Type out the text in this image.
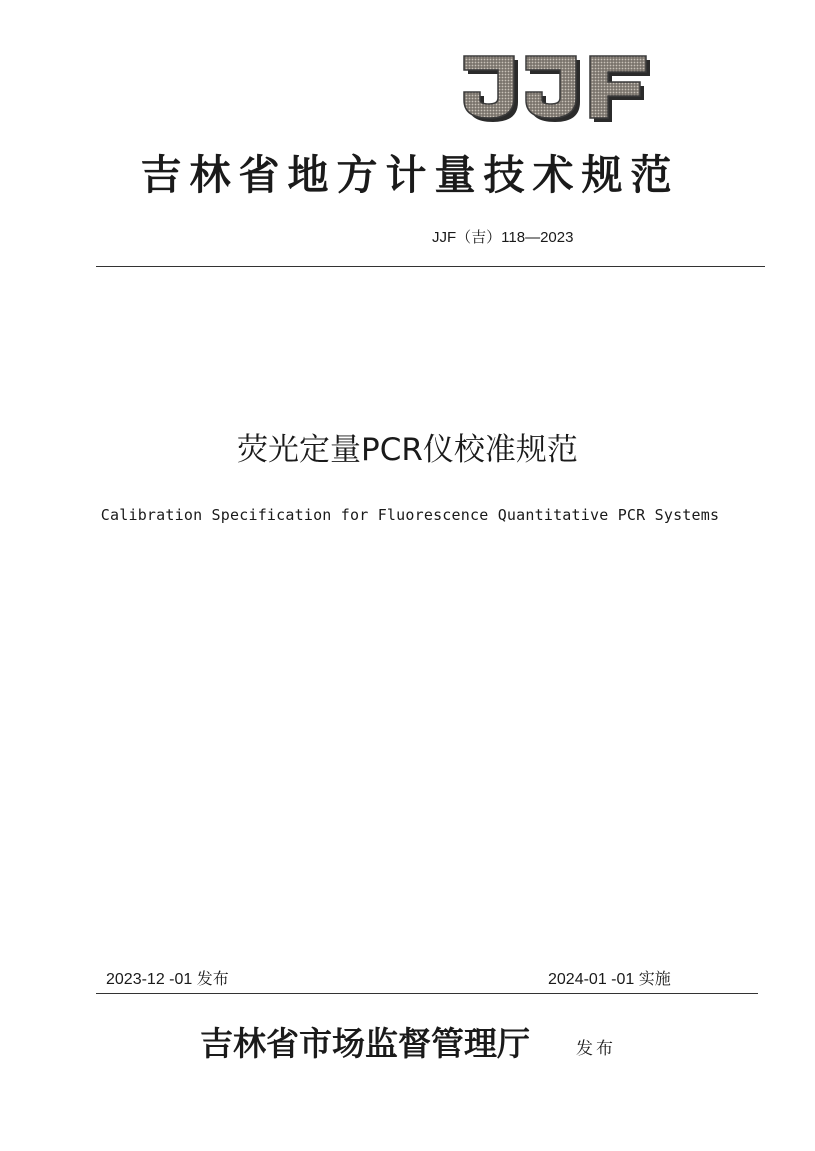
吉林省地方计量技术规范
JJF（吉）118—2023
荧光定量PCR仪校准规范
Calibration Specification for Fluorescence Quantitative PCR Systems
2023-12 -01 发布	2024-01 -01 实施
吉林省市场监督管理厅	发布
